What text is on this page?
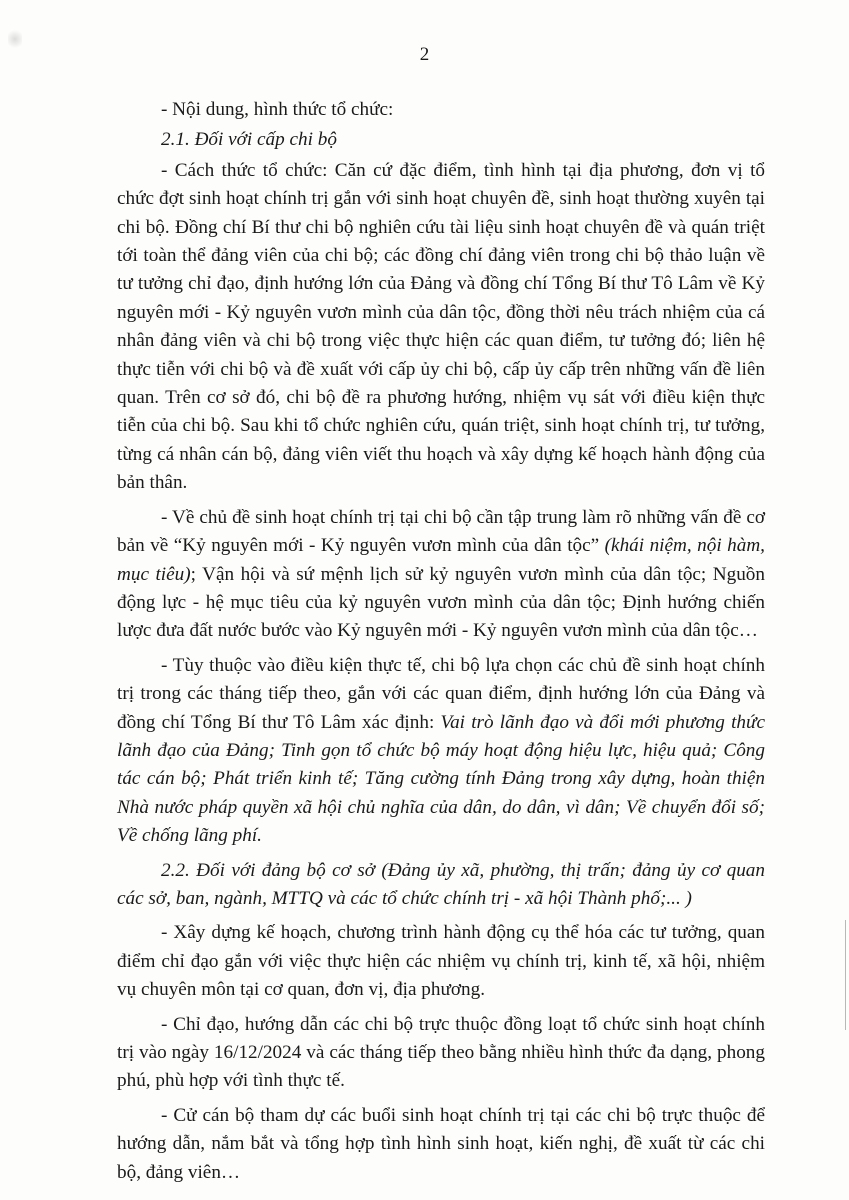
2

- Nội dung, hình thức tổ chức:

2.1. Đối với cấp chi bộ

- Cách thức tổ chức: Căn cứ đặc điểm, tình hình tại địa phương, đơn vị tổ chức đợt sinh hoạt chính trị gắn với sinh hoạt chuyên đề, sinh hoạt thường xuyên tại chi bộ. Đồng chí Bí thư chi bộ nghiên cứu tài liệu sinh hoạt chuyên đề và quán triệt tới toàn thể đảng viên của chi bộ; các đồng chí đảng viên trong chi bộ thảo luận về tư tưởng chỉ đạo, định hướng lớn của Đảng và đồng chí Tổng Bí thư Tô Lâm về Kỷ nguyên mới - Kỷ nguyên vươn mình của dân tộc, đồng thời nêu trách nhiệm của cá nhân đảng viên và chi bộ trong việc thực hiện các quan điểm, tư tưởng đó; liên hệ thực tiễn với chi bộ và đề xuất với cấp ủy chi bộ, cấp ủy cấp trên những vấn đề liên quan. Trên cơ sở đó, chi bộ đề ra phương hướng, nhiệm vụ sát với điều kiện thực tiễn của chi bộ. Sau khi tổ chức nghiên cứu, quán triệt, sinh hoạt chính trị, tư tưởng, từng cá nhân cán bộ, đảng viên viết thu hoạch và xây dựng kế hoạch hành động của bản thân.

- Về chủ đề sinh hoạt chính trị tại chi bộ cần tập trung làm rõ những vấn đề cơ bản về “Kỷ nguyên mới - Kỷ nguyên vươn mình của dân tộc” (khái niệm, nội hàm, mục tiêu); Vận hội và sứ mệnh lịch sử kỷ nguyên vươn mình của dân tộc; Nguồn động lực - hệ mục tiêu của kỷ nguyên vươn mình của dân tộc; Định hướng chiến lược đưa đất nước bước vào Kỷ nguyên mới - Kỷ nguyên vươn mình của dân tộc…

- Tùy thuộc vào điều kiện thực tế, chi bộ lựa chọn các chủ đề sinh hoạt chính trị trong các tháng tiếp theo, gắn với các quan điểm, định hướng lớn của Đảng và đồng chí Tổng Bí thư Tô Lâm xác định: Vai trò lãnh đạo và đổi mới phương thức lãnh đạo của Đảng; Tinh gọn tổ chức bộ máy hoạt động hiệu lực, hiệu quả; Công tác cán bộ; Phát triển kinh tế; Tăng cường tính Đảng trong xây dựng, hoàn thiện Nhà nước pháp quyền xã hội chủ nghĩa của dân, do dân, vì dân; Về chuyển đổi số; Về chống lãng phí.

2.2. Đối với đảng bộ cơ sở (Đảng ủy xã, phường, thị trấn; đảng ủy cơ quan các sở, ban, ngành, MTTQ và các tổ chức chính trị - xã hội Thành phố;... )

- Xây dựng kế hoạch, chương trình hành động cụ thể hóa các tư tưởng, quan điểm chỉ đạo gắn với việc thực hiện các nhiệm vụ chính trị, kinh tế, xã hội, nhiệm vụ chuyên môn tại cơ quan, đơn vị, địa phương.

- Chỉ đạo, hướng dẫn các chi bộ trực thuộc đồng loạt tổ chức sinh hoạt chính trị vào ngày 16/12/2024 và các tháng tiếp theo bằng nhiều hình thức đa dạng, phong phú, phù hợp với tình thực tế.

- Cử cán bộ tham dự các buổi sinh hoạt chính trị tại các chi bộ trực thuộc để hướng dẫn, nắm bắt và tổng hợp tình hình sinh hoạt, kiến nghị, đề xuất từ các chi bộ, đảng viên…
